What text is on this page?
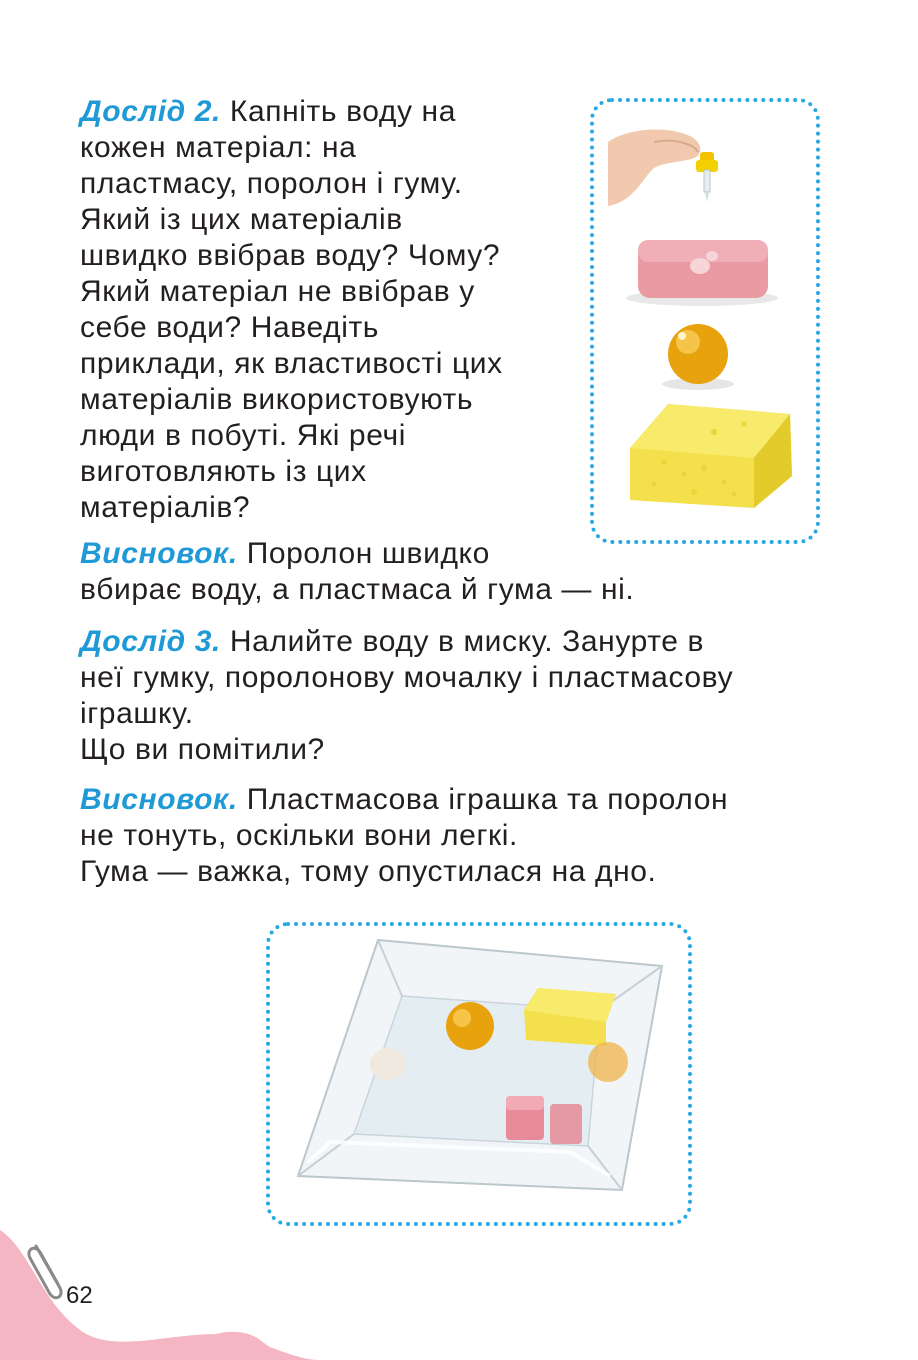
Дослід 2. Капніть воду на
кожен матеріал: на
пластмасу, поролон і гуму.
Який із цих матеріалів
швидко ввібрав воду? Чому?
Який матеріал не ввібрав у
себе води? Наведіть
приклади, як властивості цих
матеріалів використовують
люди в побуті. Які речі
виготовляють із цих
матеріалів?
Висновок. Поролон швидко
вбирає воду, а пластмаса й гума — ні.
Дослід 3. Налийте воду в миску. Занурте в
неї гумку, поролонову мочалку і пластмасову
іграшку.
Що ви помітили?
Висновок. Пластмасова іграшка та поролон
не тонуть, оскільки вони легкі.
Гума — важка, тому опустилася на дно.
62
